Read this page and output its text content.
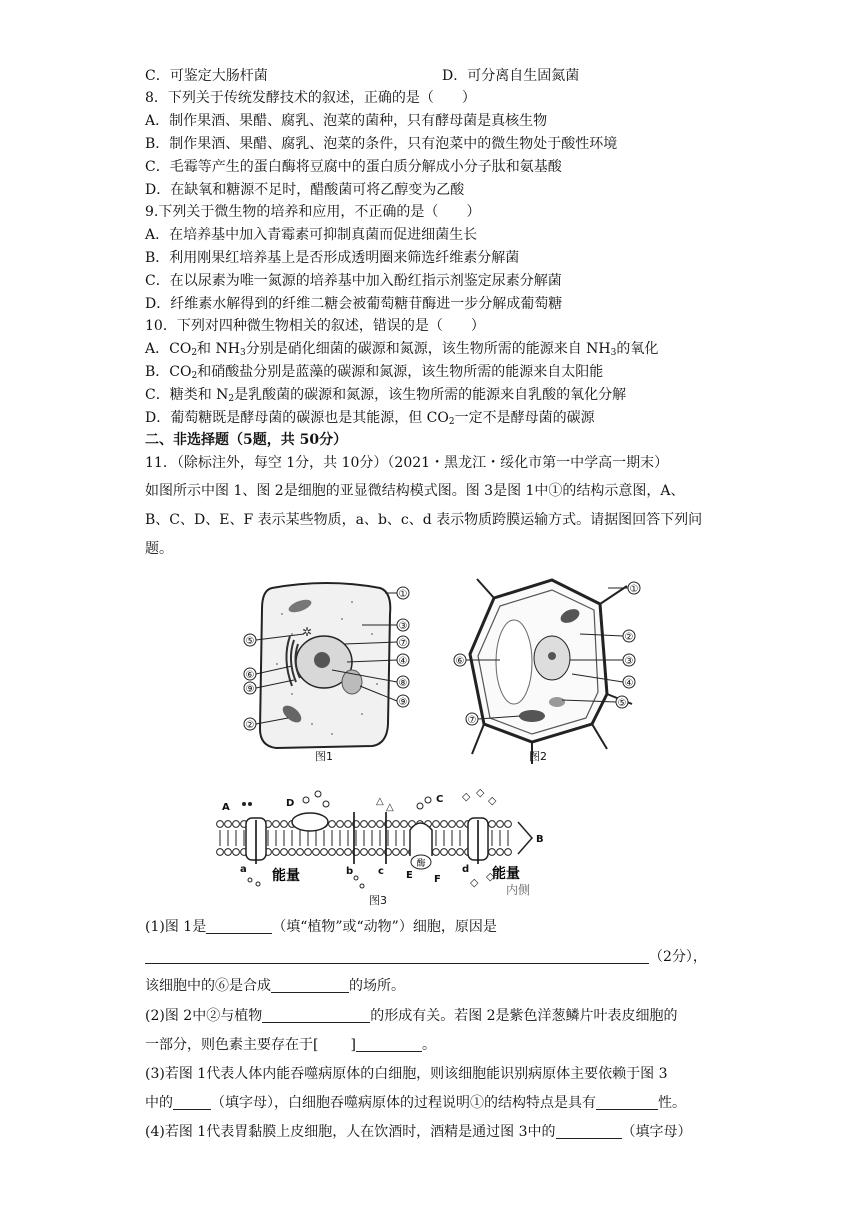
C．可鉴定大肠杆菌	D．可分离自生固氮菌
8．下列关于传统发酵技术的叙述，正确的是（　　）
A．制作果酒、果醋、腐乳、泡菜的菌种，只有酵母菌是真核生物
B．制作果酒、果醋、腐乳、泡菜的条件，只有泡菜中的微生物处于酸性环境
C．毛霉等产生的蛋白酶将豆腐中的蛋白质分解成小分子肽和氨基酸
D．在缺氧和糖源不足时，醋酸菌可将乙醇变为乙酸
9.下列关于微生物的培养和应用，不正确的是（　　）
A．在培养基中加入青霉素可抑制真菌而促进细菌生长
B．利用刚果红培养基上是否形成透明圈来筛选纤维素分解菌
C．在以尿素为唯一氮源的培养基中加入酚红指示剂鉴定尿素分解菌
D．纤维素水解得到的纤维二糖会被葡萄糖苷酶进一步分解成葡萄糖
10．下列对四种微生物相关的叙述，错误的是（　　）
A．$CO_2$和 $NH_3$分别是硝化细菌的碳源和氮源，该生物所需的能源来自 $NH_3$的氧化
B．$CO_2$和硝酸盐分别是蓝藻的碳源和氮源，该生物所需的能源来自太阳能
C．糖类和 $N_2$是乳酸菌的碳源和氮源，该生物所需的能源来自乳酸的氧化分解
D．葡萄糖既是酵母菌的碳源也是其能源，但 $CO_2$一定不是酵母菌的碳源
二、非选择题（5题，共 50分）
11．（除标注外，每空 1分，共 10分）（2021・黑龙江・绥化市第一中学高一期末）
如图所示中图 1、图 2是细胞的亚显微结构模式图。图 3是图 1中①的结构示意图，A、
B、C、D、E、F 表示某些物质，a、b、c、d 表示物质跨膜运输方式。请据图回答下列问
题。
✲
①
③
⑦
④
⑧
⑨
⑤
⑥
⑨
②
图1
①
②
③
④
⑤
⑥
⑦
图2
△
△
◇ ◇
◇
◇ ◇
A
B
C
D
E F
a	b c	d
能量	能量
酶
内侧
图3
(1)图 1是	（填“植物”或“动物”）细胞，原因是
（2分），
该细胞中的⑥是合成	的场所。
(2)图 2中②与植物	的形成有关。若图 2是紫色洋葱鳞片叶表皮细胞的
一部分，则色素主要存在于[ ]	。
(3)若图 1代表人体内能吞噬病原体的白细胞，则该细胞能识别病原体主要依赖于图 3
中的	（填字母），白细胞吞噬病原体的过程说明①的结构特点是具有	性。
(4)若图 1代表胃黏膜上皮细胞，人在饮酒时，酒精是通过图 3中的	（填字母）
